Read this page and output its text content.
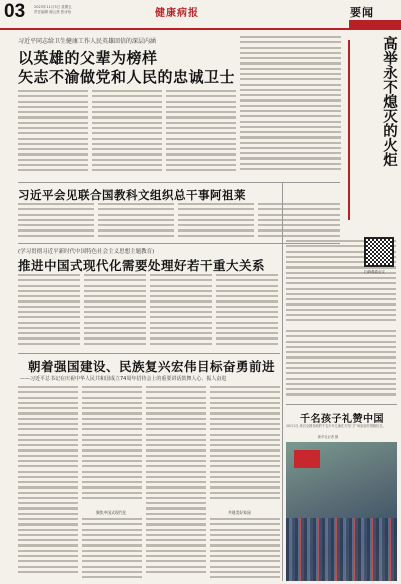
03	2023年11月3日 星期五
责任编辑 谢云茜 张诗怡	健康病报	要闻
习近平同志给卫生健康工作人民英雄回信的深层内涵
以英雄的父辈为榜样
矢志不渝做党和人民的忠诚卫士
习近平会见联合国教科文组织总干事阿祖莱
(学习贯彻习近平新时代中国特色社会主义思想主题教育)
推进中国式现代化需要处理好若干重大关系
朝着强国建设、民族复兴宏伟目标奋勇前进
——习近平总书记在庆祝中华人民共和国成立74周年招待会上的重要讲话鼓舞人心、振人奋进
聚焦中国式现代化	共建美好家园
高举永不熄灭的火炬
扫码观看全文
千名孩子礼赞中国
10月1日,来自全国各地的千名少年儿童在天安门广场参加升国旗仪式。
新华社记者 摄
